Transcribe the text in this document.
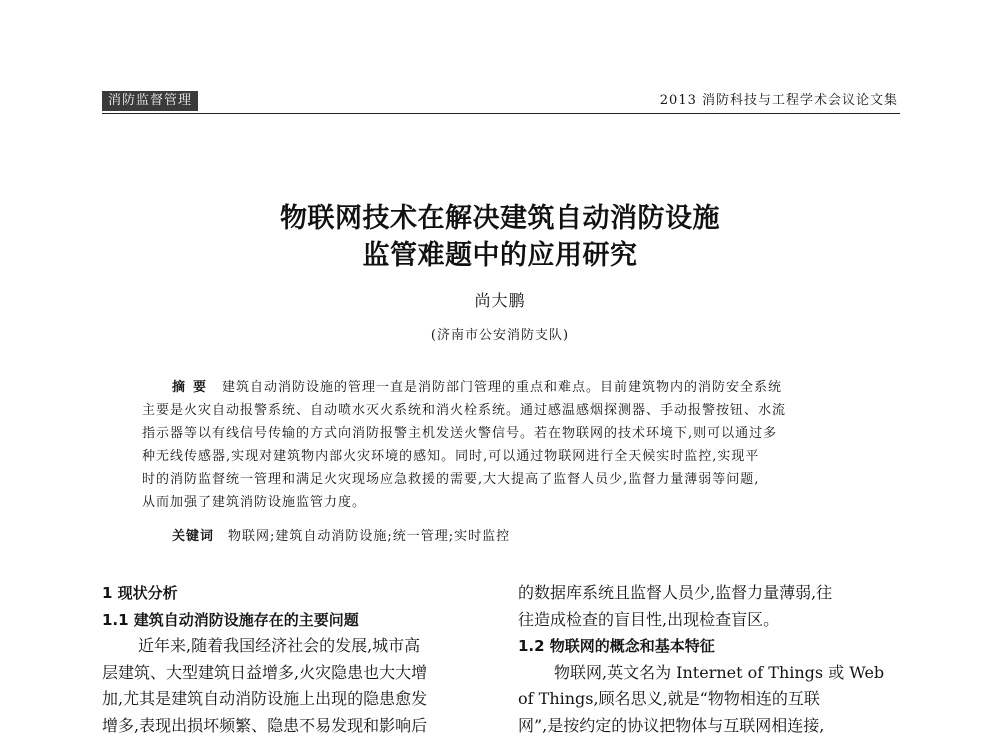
消防监督管理	2013 消防科技与工程学术会议论文集
物联网技术在解决建筑自动消防设施
监管难题中的应用研究
尚大鹏
(济南市公安消防支队)
摘要 建筑自动消防设施的管理一直是消防部门管理的重点和难点。目前建筑物内的消防安全系统
主要是火灾自动报警系统、自动喷水灭火系统和消火栓系统。通过感温感烟探测器、手动报警按钮、水流
指示器等以有线信号传输的方式向消防报警主机发送火警信号。若在物联网的技术环境下,则可以通过多
种无线传感器,实现对建筑物内部火灾环境的感知。同时,可以通过物联网进行全天候实时监控,实现平
时的消防监督统一管理和满足火灾现场应急救援的需要,大大提高了监督人员少,监督力量薄弱等问题,
从而加强了建筑消防设施监管力度。
关键词 物联网;建筑自动消防设施;统一管理;实时监控
1 现状分析
1.1 建筑自动消防设施存在的主要问题
近年来,随着我国经济社会的发展,城市高
层建筑、大型建筑日益增多,火灾隐患也大大增
加,尤其是建筑自动消防设施上出现的隐患愈发
增多,表现出损坏频繁、隐患不易发现和影响后
的数据库系统且监督人员少,监督力量薄弱,往
往造成检查的盲目性,出现检查盲区。
1.2 物联网的概念和基本特征
物联网,英文名为 Internet of Things 或 Web
of Things,顾名思义,就是“物物相连的互联
网”,是按约定的协议把物体与互联网相连接,
